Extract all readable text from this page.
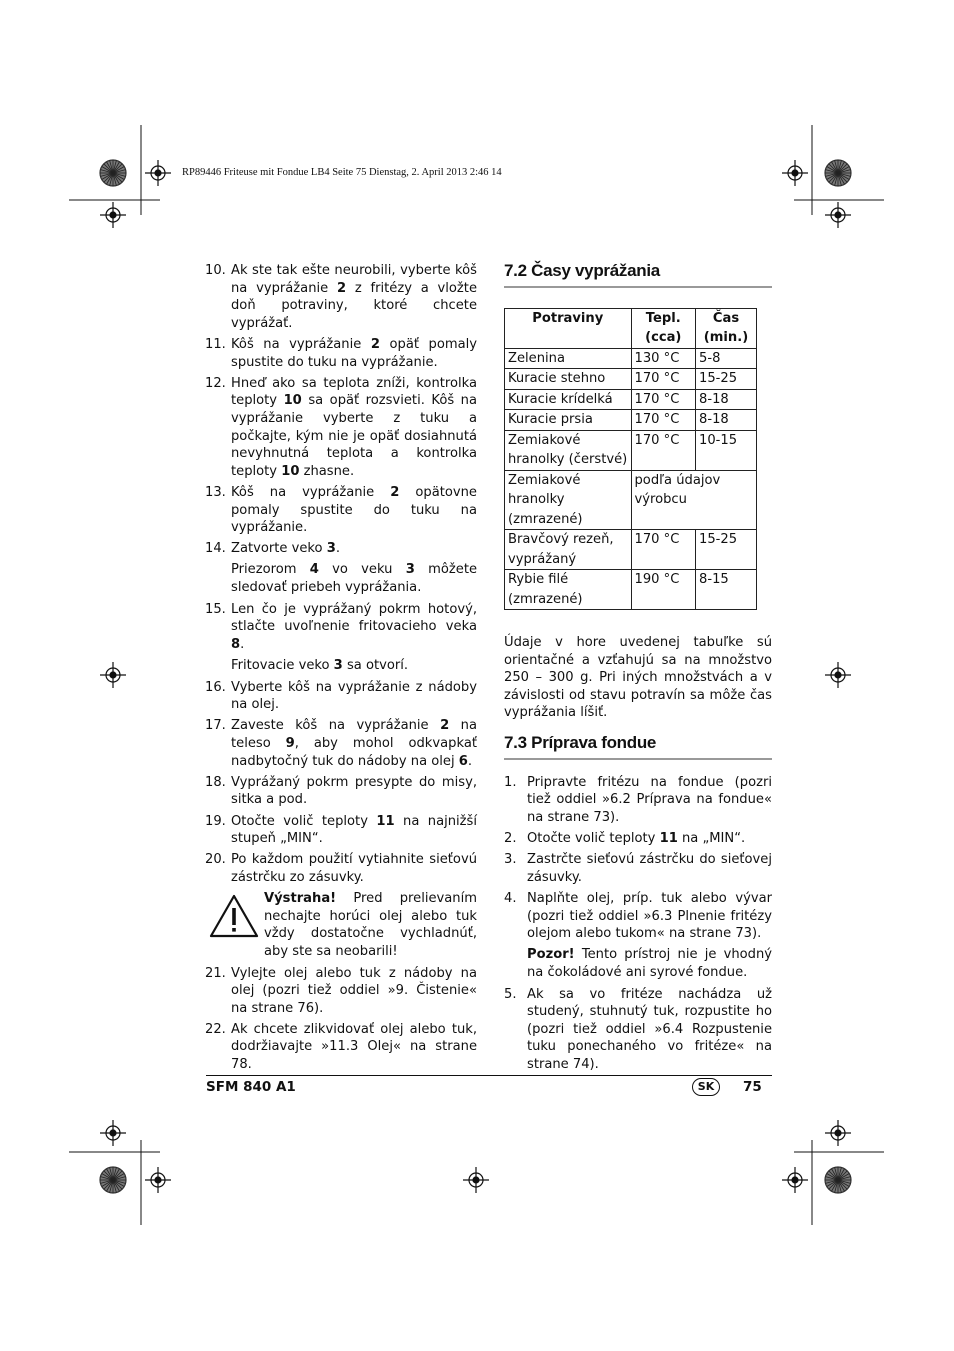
RP89446 Friteuse mit Fondue LB4 Seite 75 Dienstag, 2. April 2013 2:46 14
10. Ak ste tak ešte neurobili, vyberte kôš na vyprážanie 2 z fritézy a vložte doň potraviny, ktoré chcete vyprážať.
11. Kôš na vyprážanie 2 opäť pomaly spustite do tuku na vyprážanie.
12. Hneď ako sa teplota zníži, kontrolka teploty 10 sa opäť rozsvieti. Kôš na vyprážanie vyberte z tuku a počkajte, kým nie je opäť dosiahnutá nevyhnutná teplota a kontrolka teploty 10 zhasne.
13. Kôš na vyprážanie 2 opätovne pomaly spustite do tuku na vyprážanie.
14. Zatvorte veko 3.
Priezorom 4 vo veku 3 môžete sledovať priebeh vyprážania.
15. Len čo je vyprážaný pokrm hotový, stlačte uvoľnenie fritovacieho veka 8.
Fritovacie veko 3 sa otvorí.
16. Vyberte kôš na vyprážanie z nádoby na olej.
17. Zaveste kôš na vyprážanie 2 na teleso 9, aby mohol odkvapkať nadbytočný tuk do nádoby na olej 6.
18. Vyprážaný pokrm presypte do misy, sitka a pod.
19. Otočte volič teploty 11 na najnižší stupeň „MIN“.
20. Po každom použití vytiahnite sieťovú zástrčku zo zásuvky.
Výstraha! Pred prelievaním nechajte horúci olej alebo tuk vždy dostatočne vychladnúť, aby ste sa neobarili!
21. Vylejte olej alebo tuk z nádoby na olej (pozri tiež oddiel »9. Čistenie« na strane 76).
22. Ak chcete zlikvidovať olej alebo tuk, dodržiavajte »11.3 Olej« na strane 78.
7.2 Časy vyprážania
Potraviny	Tepl. (cca)	Čas (min.)
Zelenina	130 °C	5-8
Kuracie stehno	170 °C	15-25
Kuracie krídelká	170 °C	8-18
Kuracie prsia	170 °C	8-18
Zemiakové hranolky (čerstvé)	170 °C	10-15
Zemiakové hranolky (zmrazené)	podľa údajov výrobcu	
Bravčový rezeň, vyprážaný	170 °C	15-25
Rybie filé (zmrazené)	190 °C	8-15
Údaje v hore uvedenej tabuľke sú orientačné a vzťahujú sa na množstvo 250 – 300 g. Pri iných množstvách a v závislosti od stavu potravín sa môže čas vyprážania líšiť.
7.3 Príprava fondue
1. Pripravte fritézu na fondue (pozri tiež oddiel »6.2 Príprava na fondue« na strane 73).
2. Otočte volič teploty 11 na „MIN“.
3. Zastrčte sieťovú zástrčku do sieťovej zásuvky.
4. Naplňte olej, príp. tuk alebo vývar (pozri tiež oddiel »6.3 Plnenie fritézy olejom alebo tukom« na strane 73).
Pozor! Tento prístroj nie je vhodný na čokoládové ani syrové fondue.
5. Ak sa vo fritéze nachádza už studený, stuhnutý tuk, rozpustite ho (pozri tiež oddiel »6.4 Rozpustenie tuku ponechaného vo fritéze« na strane 74).
SFM 840 A1	SK	75
